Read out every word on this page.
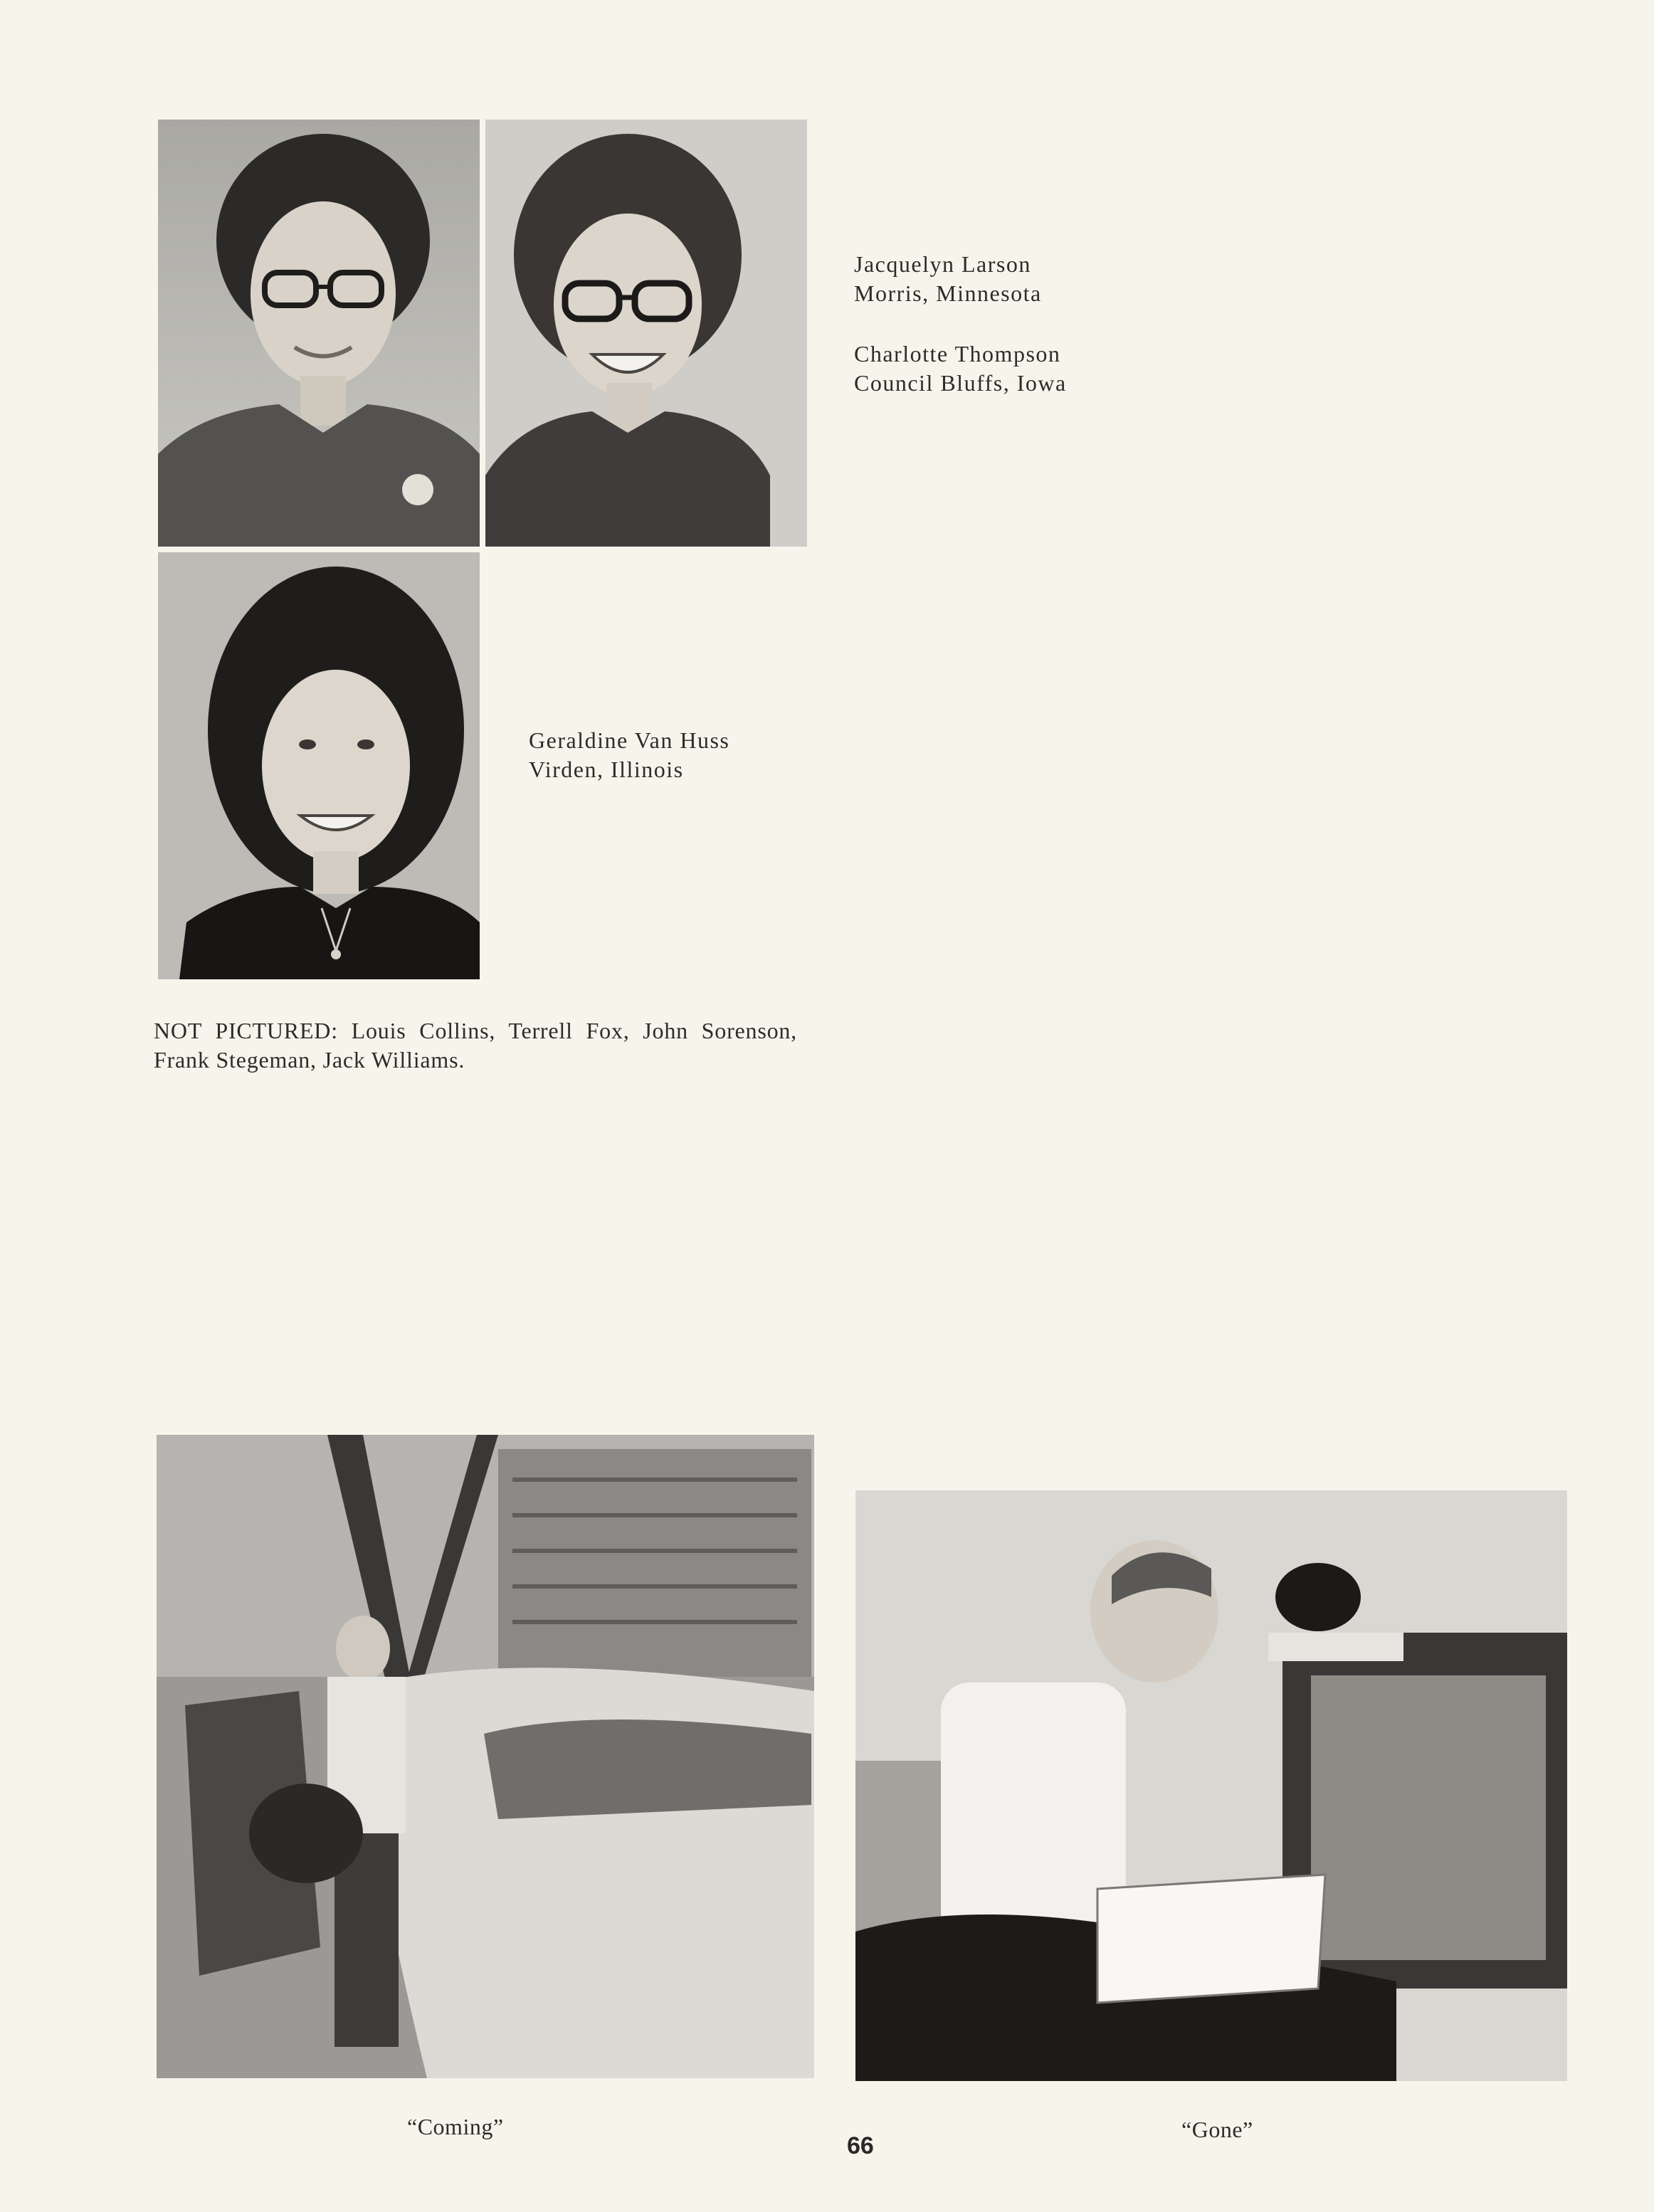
Jacquelyn Larson
Morris, Minnesota
Charlotte Thompson
Council Bluffs, Iowa
Geraldine Van Huss
Virden, Illinois
NOT PICTURED: Louis Collins, Terrell Fox, John Sorenson, Frank Stegeman, Jack Williams.
“Coming”	“Gone”
66
